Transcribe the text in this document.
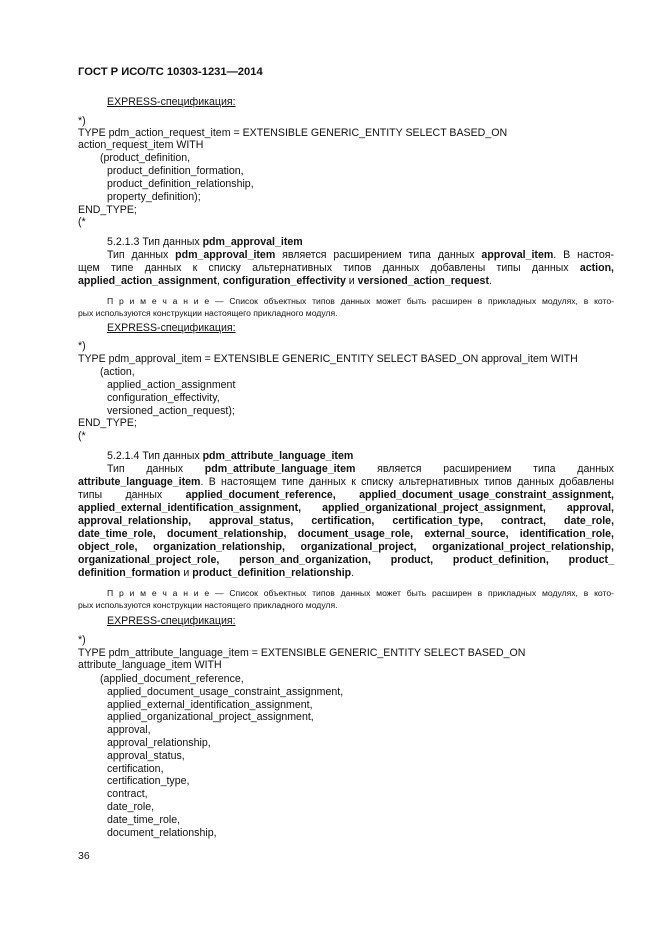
ГОСТ Р ИСО/ТС 10303-1231—2014
EXPRESS-спецификация:
*)
TYPE pdm_action_request_item = EXTENSIBLE GENERIC_ENTITY SELECT BASED_ON
action_request_item WITH
(product_definition,
product_definition_formation,
product_definition_relationship,
property_definition);
END_TYPE;
(*
5.2.1.3 Тип данных pdm_approval_item
Тип данных pdm_approval_item является расширением типа данных approval_item. В настоя-
щем типе данных к списку альтернативных типов данных добавлены типы данных action,
applied_action_assignment, configuration_effectivity и versioned_action_request.
П р и м е ч а н и е — Список объектных типов данных может быть расширен в прикладных модулях, в кото-
рых используются конструкции настоящего прикладного модуля.
EXPRESS-спецификация:
*)
TYPE pdm_approval_item = EXTENSIBLE GENERIC_ENTITY SELECT BASED_ON approval_item WITH
(action,
applied_action_assignment
configuration_effectivity,
versioned_action_request);
END_TYPE;
(*
5.2.1.4 Тип данных pdm_attribute_language_item
Тип данных pdm_attribute_language_item является расширением типа данных
attribute_language_item. В настоящем типе данных к списку альтернативных типов данных добавлены
типы данных applied_document_reference, applied_document_usage_constraint_assignment,
applied_external_identification_assignment, applied_organizational_project_assignment, approval,
approval_relationship, approval_status, certification, certification_type, contract, date_role,
date_time_role, document_relationship, document_usage_role, external_source, identification_role,
object_role, organization_relationship, organizational_project, organizational_project_relationship,
organizational_project_role, person_and_organization, product, product_definition, product_
definition_formation и product_definition_relationship.
П р и м е ч а н и е — Список объектных типов данных может быть расширен в прикладных модулях, в кото-
рых используются конструкции настоящего прикладного модуля.
EXPRESS-спецификация:
*)
TYPE pdm_attribute_language_item = EXTENSIBLE GENERIC_ENTITY SELECT BASED_ON
attribute_language_item WITH
(applied_document_reference,
applied_document_usage_constraint_assignment,
applied_external_identification_assignment,
applied_organizational_project_assignment,
approval,
approval_relationship,
approval_status,
certification,
certification_type,
contract,
date_role,
date_time_role,
document_relationship,
36
